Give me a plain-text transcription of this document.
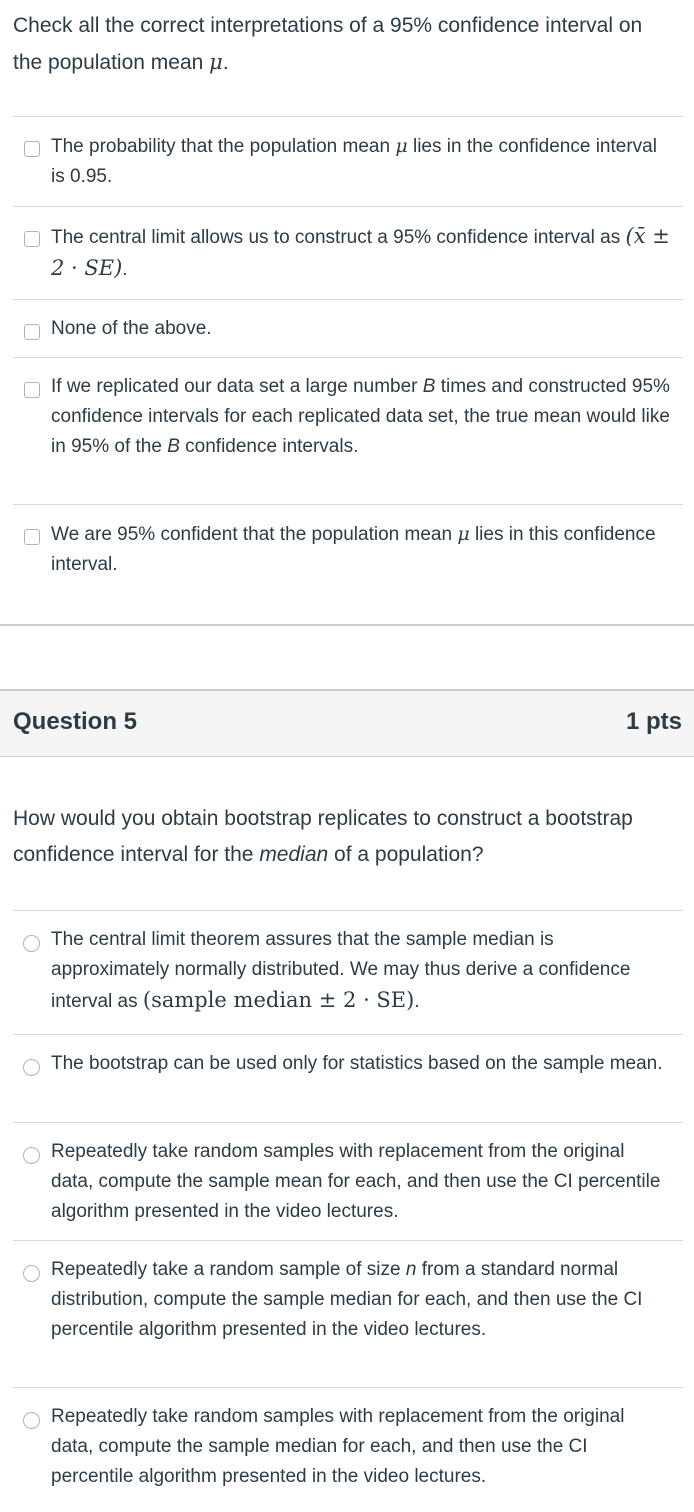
Check all the correct interpretations of a 95% confidence interval on the population mean μ.
The probability that the population mean μ lies in the confidence interval is 0.95.
The central limit allows us to construct a 95% confidence interval as (x̄ ± 2 · SE).
None of the above.
If we replicated our data set a large number B times and constructed 95% confidence intervals for each replicated data set, the true mean would like in 95% of the B confidence intervals.
We are 95% confident that the population mean μ lies in this confidence interval.
Question 5	1 pts
How would you obtain bootstrap replicates to construct a bootstrap confidence interval for the median of a population?
The central limit theorem assures that the sample median is approximately normally distributed. We may thus derive a confidence interval as (sample median ± 2 · SE).
The bootstrap can be used only for statistics based on the sample mean.
Repeatedly take random samples with replacement from the original data, compute the sample mean for each, and then use the CI percentile algorithm presented in the video lectures.
Repeatedly take a random sample of size n from a standard normal distribution, compute the sample median for each, and then use the CI percentile algorithm presented in the video lectures.
Repeatedly take random samples with replacement from the original data, compute the sample median for each, and then use the CI percentile algorithm presented in the video lectures.
